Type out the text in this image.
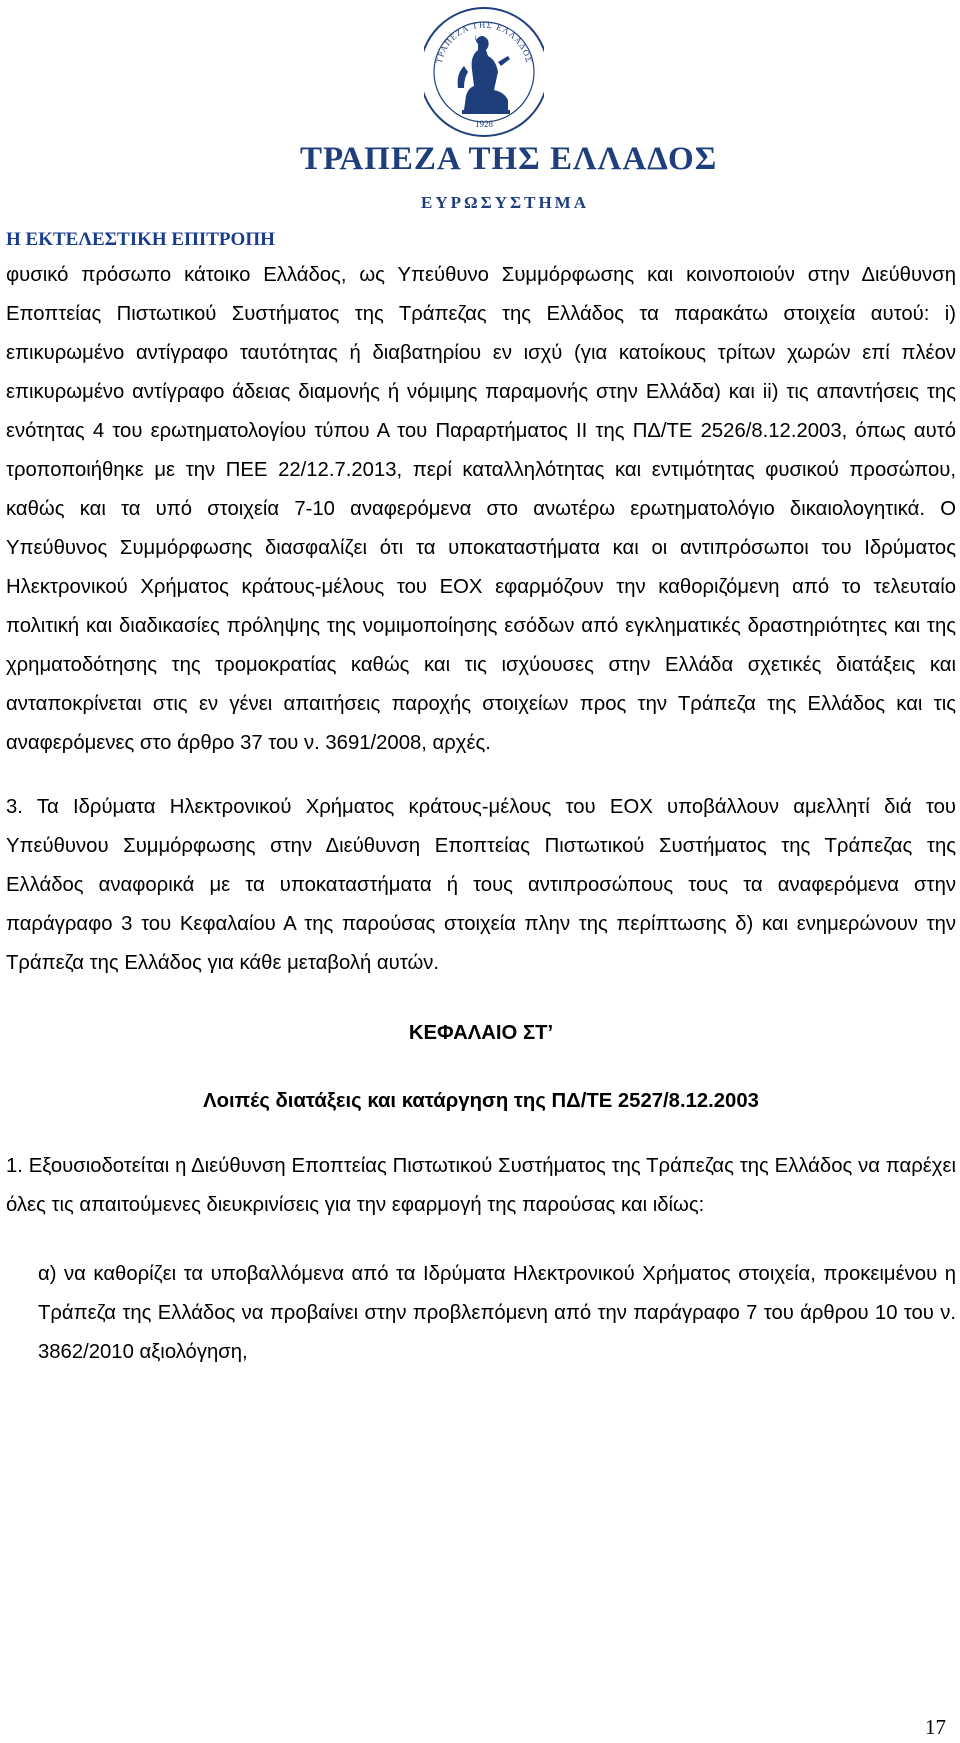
ΤΡΑΠΕΖΑ ΤΗΣ ΕΛΛΑΔΟΣ
1928
ΤΡΑΠΕΖΑ ΤΗΣ ΕΛΛΑΔΟΣ
ΕΥΡΩΣΥΣΤΗΜΑ
Η ΕΚΤΕΛΕΣΤΙΚΗ ΕΠΙΤΡΟΠΗ

φυσικό πρόσωπο κάτοικο Ελλάδος, ως Υπεύθυνο Συμμόρφωσης και κοινοποιούν στην Διεύθυνση Εποπτείας Πιστωτικού Συστήματος της Τράπεζας της Ελλάδος τα παρακάτω στοιχεία αυτού: i) επικυρωμένο αντίγραφο ταυτότητας ή διαβατηρίου εν ισχύ (για κατοίκους τρίτων χωρών επί πλέον επικυρωμένο αντίγραφο άδειας διαμονής ή νόμιμης παραμονής στην Ελλάδα) και ii) τις απαντήσεις της ενότητας 4 του ερωτηματολογίου τύπου Α του Παραρτήματος ΙΙ της ΠΔ/ΤΕ 2526/8.12.2003, όπως αυτό τροποποιήθηκε με την ΠΕΕ 22/12.7.2013, περί καταλληλότητας και εντιμότητας φυσικού προσώπου, καθώς και τα υπό στοιχεία 7-10 αναφερόμενα στο ανωτέρω ερωτηματολόγιο δικαιολογητικά. Ο Υπεύθυνος Συμμόρφωσης διασφαλίζει ότι τα υποκαταστήματα και οι αντιπρόσωποι του Ιδρύματος Ηλεκτρονικού Χρήματος κράτους-μέλους του ΕΟΧ εφαρμόζουν την καθοριζόμενη από το τελευταίο πολιτική και διαδικασίες πρόληψης της νομιμοποίησης εσόδων από εγκληματικές δραστηριότητες και της χρηματοδότησης της τρομοκρατίας καθώς και τις ισχύουσες στην Ελλάδα σχετικές διατάξεις και ανταποκρίνεται στις εν γένει απαιτήσεις παροχής στοιχείων προς την Τράπεζα της Ελλάδος και τις αναφερόμενες στο άρθρο 37 του ν. 3691/2008, αρχές.

3. Τα Ιδρύματα Ηλεκτρονικού Χρήματος κράτους-μέλους του ΕΟΧ υποβάλλουν αμελλητί διά του Υπεύθυνου Συμμόρφωσης στην Διεύθυνση Εποπτείας Πιστωτικού Συστήματος της Τράπεζας της Ελλάδος αναφορικά με τα υποκαταστήματα ή τους αντιπροσώπους τους τα αναφερόμενα στην παράγραφο 3 του Κεφαλαίου Α της παρούσας στοιχεία πλην της περίπτωσης δ) και ενημερώνουν την Τράπεζα της Ελλάδος για κάθε μεταβολή αυτών.

ΚΕΦΑΛΑΙΟ ΣΤ’

Λοιπές διατάξεις και κατάργηση της ΠΔ/ΤΕ 2527/8.12.2003

1. Εξουσιοδοτείται η Διεύθυνση Εποπτείας Πιστωτικού Συστήματος της Τράπεζας της Ελλάδος να παρέχει όλες τις απαιτούμενες διευκρινίσεις για την εφαρμογή της παρούσας και ιδίως:

α) να καθορίζει τα υποβαλλόμενα από τα Ιδρύματα Ηλεκτρονικού Χρήματος στοιχεία, προκειμένου η Τράπεζα της Ελλάδος να προβαίνει στην προβλεπόμενη από την παράγραφο 7 του άρθρου 10 του ν. 3862/2010 αξιολόγηση,

17
